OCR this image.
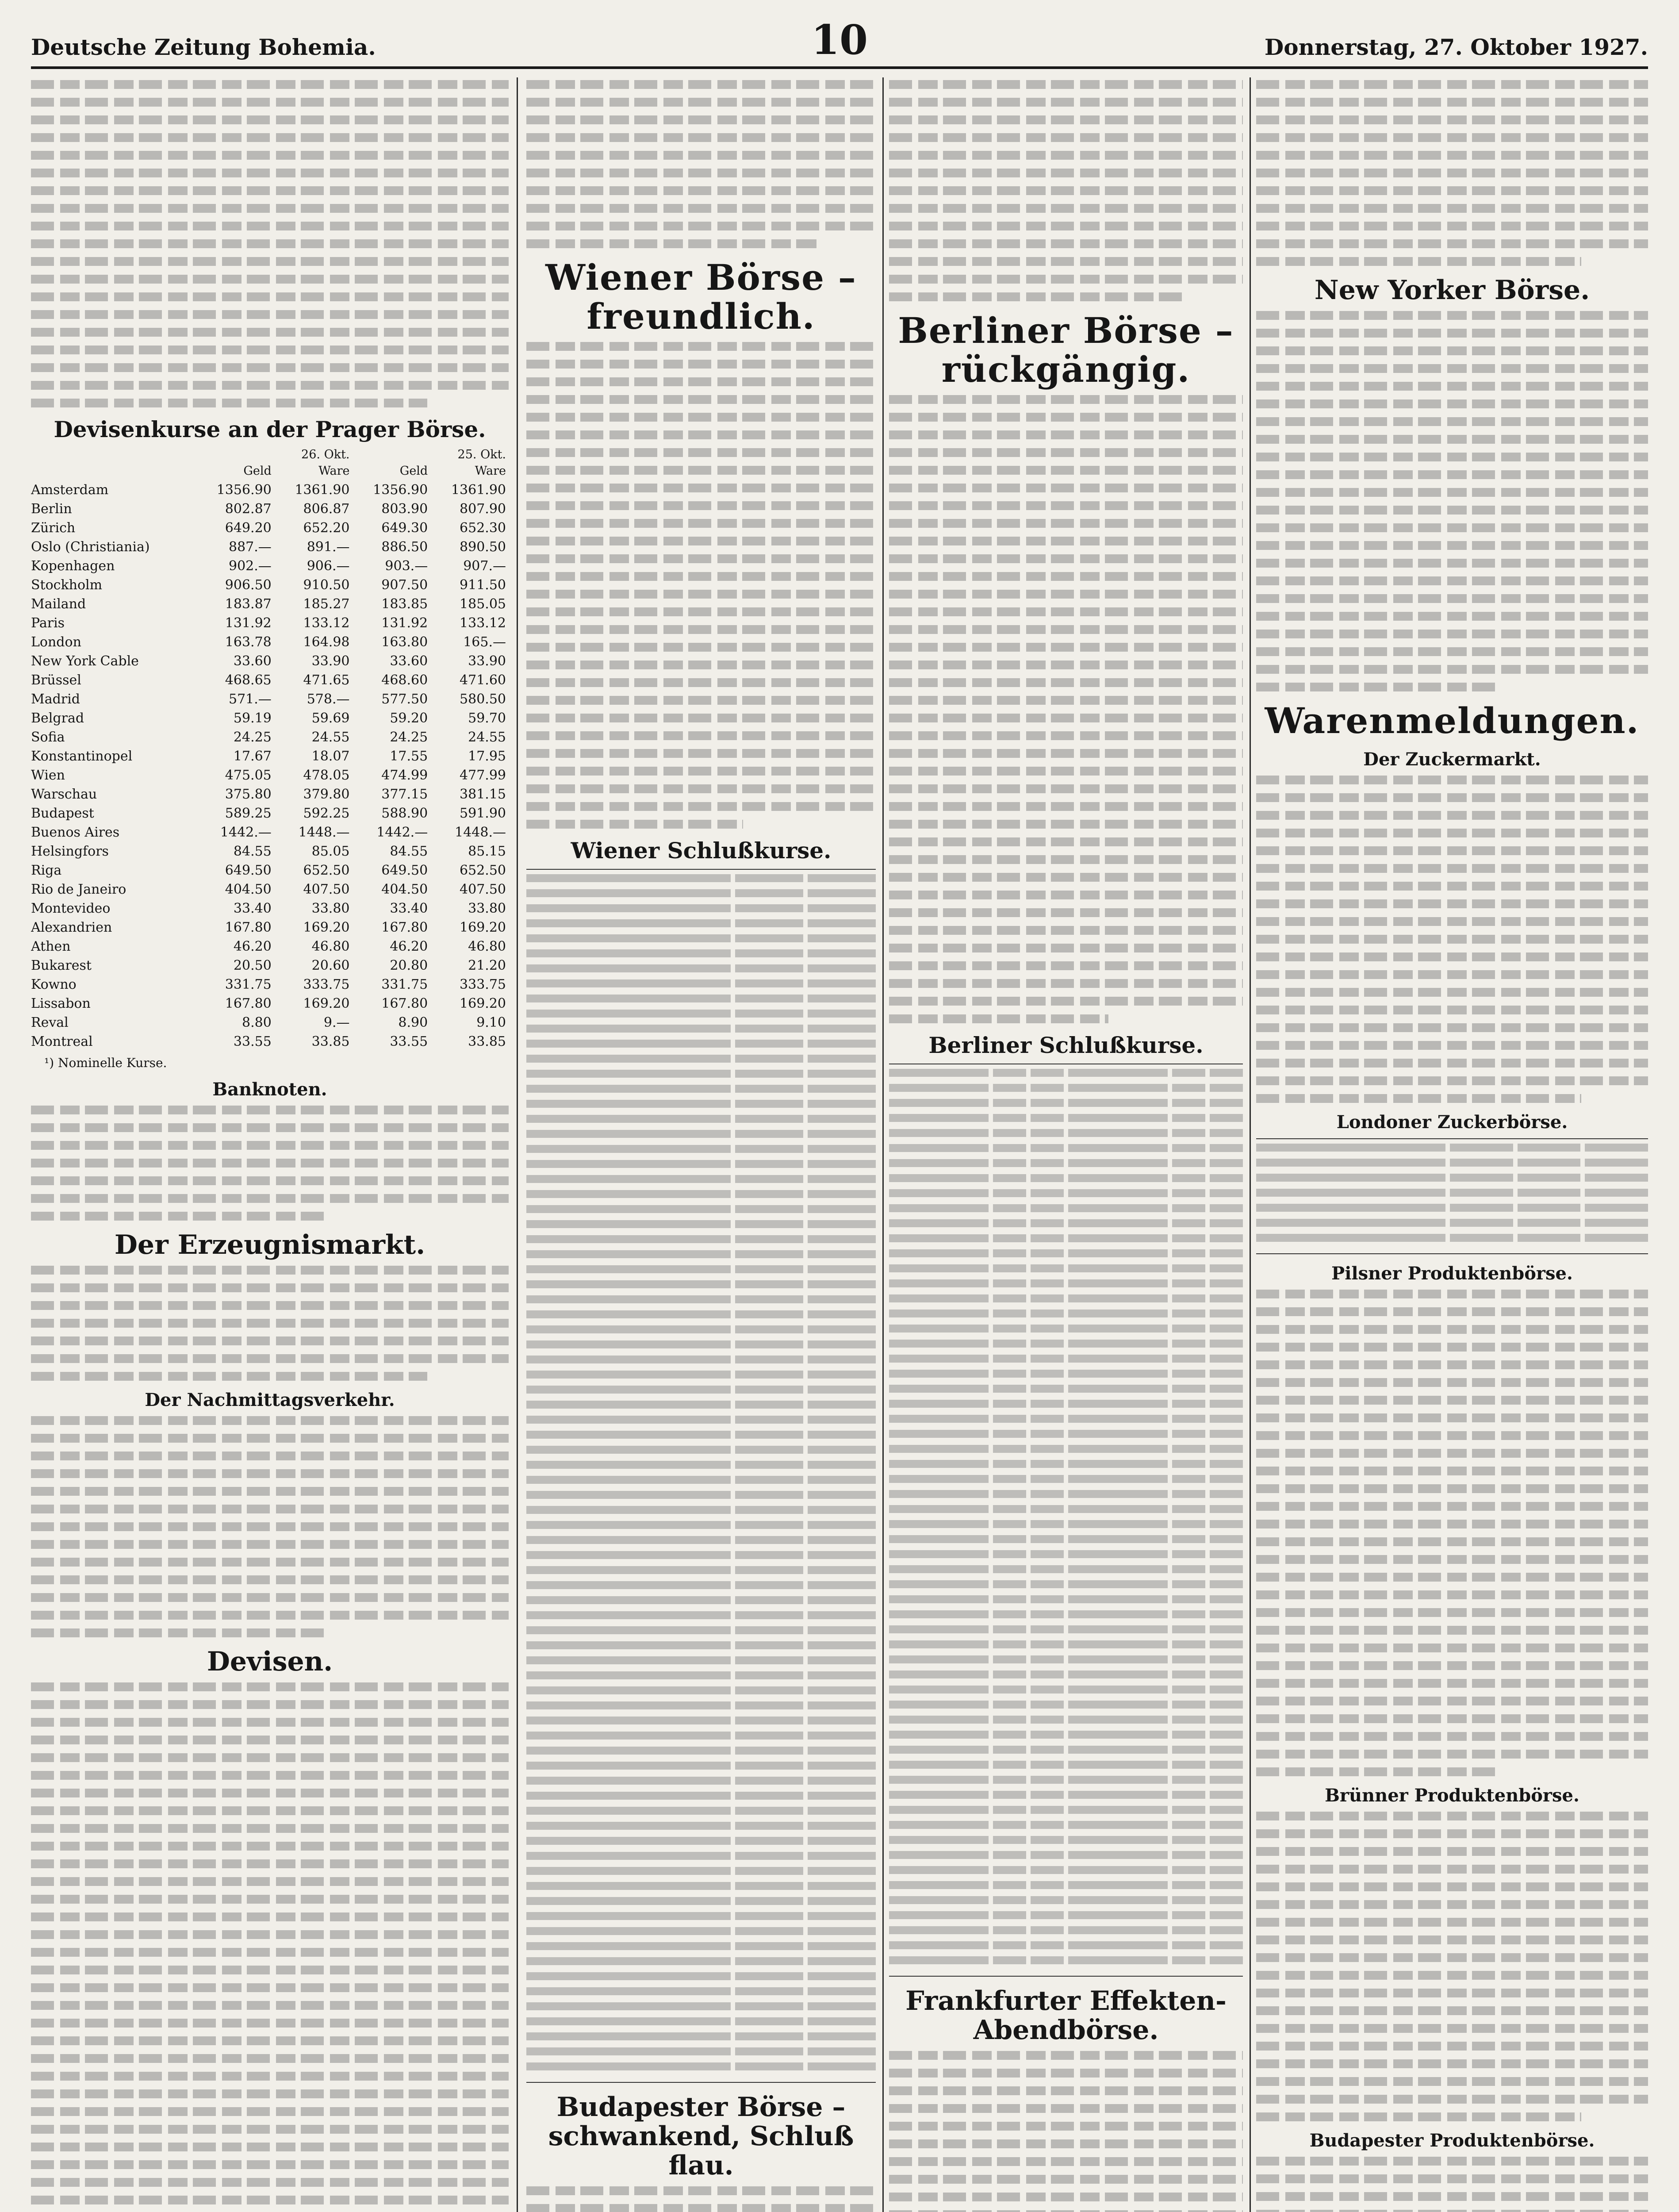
Deutsche Zeitung Bohemia.	10	Donnerstag, 27. Oktober 1927.
Devisenkurse an der Prager Börse.
	26. Okt.		25. Okt.	
	Geld	Ware	Geld	Ware
Amsterdam	1356.90	1361.90	1356.90	1361.90
Berlin	802.87	806.87	803.90	807.90
Zürich	649.20	652.20	649.30	652.30
Oslo (Christiania)	887.—	891.—	886.50	890.50
Kopenhagen	902.—	906.—	903.—	907.—
Stockholm	906.50	910.50	907.50	911.50
Mailand	183.87	185.27	183.85	185.05
Paris	131.92	133.12	131.92	133.12
London	163.78	164.98	163.80	165.—
New York Cable	33.60	33.90	33.60	33.90
Brüssel	468.65	471.65	468.60	471.60
Madrid	571.—	578.—	577.50	580.50
Belgrad	59.19	59.69	59.20	59.70
Sofia	24.25	24.55	24.25	24.55
Konstantinopel	17.67	18.07	17.55	17.95
Wien	475.05	478.05	474.99	477.99
Warschau	375.80	379.80	377.15	381.15
Budapest	589.25	592.25	588.90	591.90
Buenos Aires	1442.—	1448.—	1442.—	1448.—
Helsingfors	84.55	85.05	84.55	85.15
Riga	649.50	652.50	649.50	652.50
Rio de Janeiro	404.50	407.50	404.50	407.50
Montevideo	33.40	33.80	33.40	33.80
Alexandrien	167.80	169.20	167.80	169.20
Athen	46.20	46.80	46.20	46.80
Bukarest	20.50	20.60	20.80	21.20
Kowno	331.75	333.75	331.75	333.75
Lissabon	167.80	169.20	167.80	169.20
Reval	8.80	9.—	8.90	9.10
Montreal	33.55	33.85	33.55	33.85
¹) Nominelle Kurse.
Banknoten.
Der Erzeugnismarkt.
Der Nachmittagsverkehr.
Devisen.
Wiener Börse – freundlich.
Wiener Schlußkurse.
Budapester Börse – schwankend, Schluß flau.
Berliner Börse – rückgängig.
Berliner Schlußkurse.
Frankfurter Effekten-Abendbörse.
New Yorker Börse.
Warenmeldungen.
Der Zuckermarkt.
Londoner Zuckerbörse.
Pilsner Produktenbörse.
Brünner Produktenbörse.
Budapester Produktenbörse.
